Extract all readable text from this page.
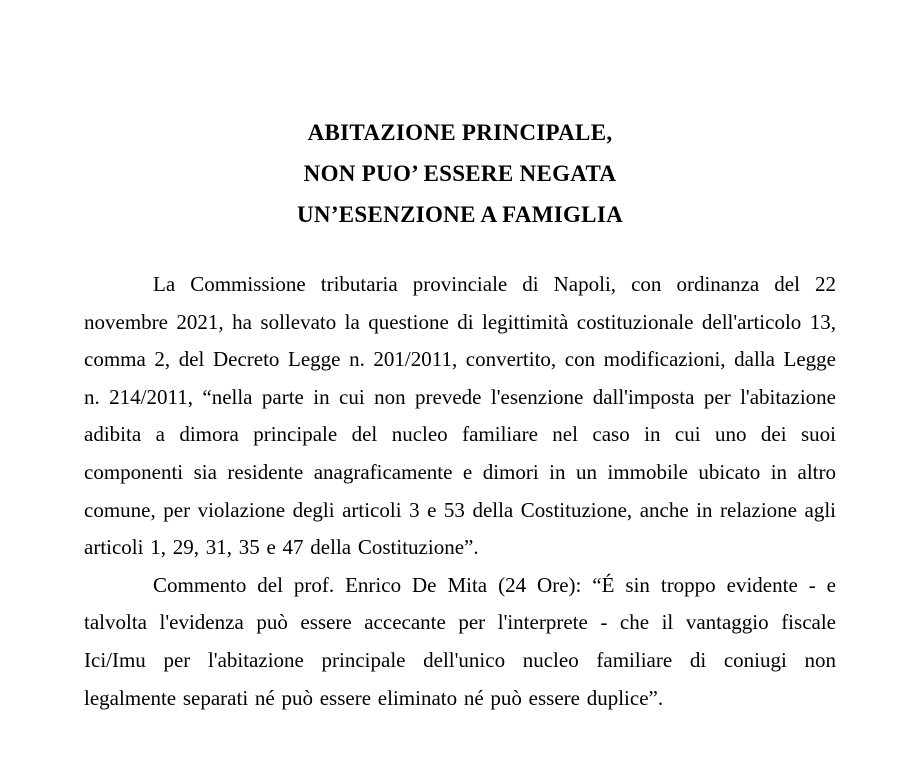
ABITAZIONE PRINCIPALE,
NON PUO’ ESSERE NEGATA
UN’ESENZIONE A FAMIGLIA

La Commissione tributaria provinciale di Napoli, con ordinanza del 22 novembre 2021, ha sollevato la questione di legittimità costituzionale dell'articolo 13, comma 2, del Decreto Legge n. 201/2011, convertito, con modificazioni, dalla Legge n. 214/2011, “nella parte in cui non prevede l'esenzione dall'imposta per l'abitazione adibita a dimora principale del nucleo familiare nel caso in cui uno dei suoi componenti sia residente anagraficamente e dimori in un immobile ubicato in altro comune, per violazione degli articoli 3 e 53 della Costituzione, anche in relazione agli articoli 1, 29, 31, 35 e 47 della Costituzione”.

Commento del prof. Enrico De Mita (24 Ore): “É sin troppo evidente - e talvolta l'evidenza può essere accecante per l'interprete - che il vantaggio fiscale Ici/Imu per l'abitazione principale dell'unico nucleo familiare di coniugi non legalmente separati né può essere eliminato né può essere duplice”.
